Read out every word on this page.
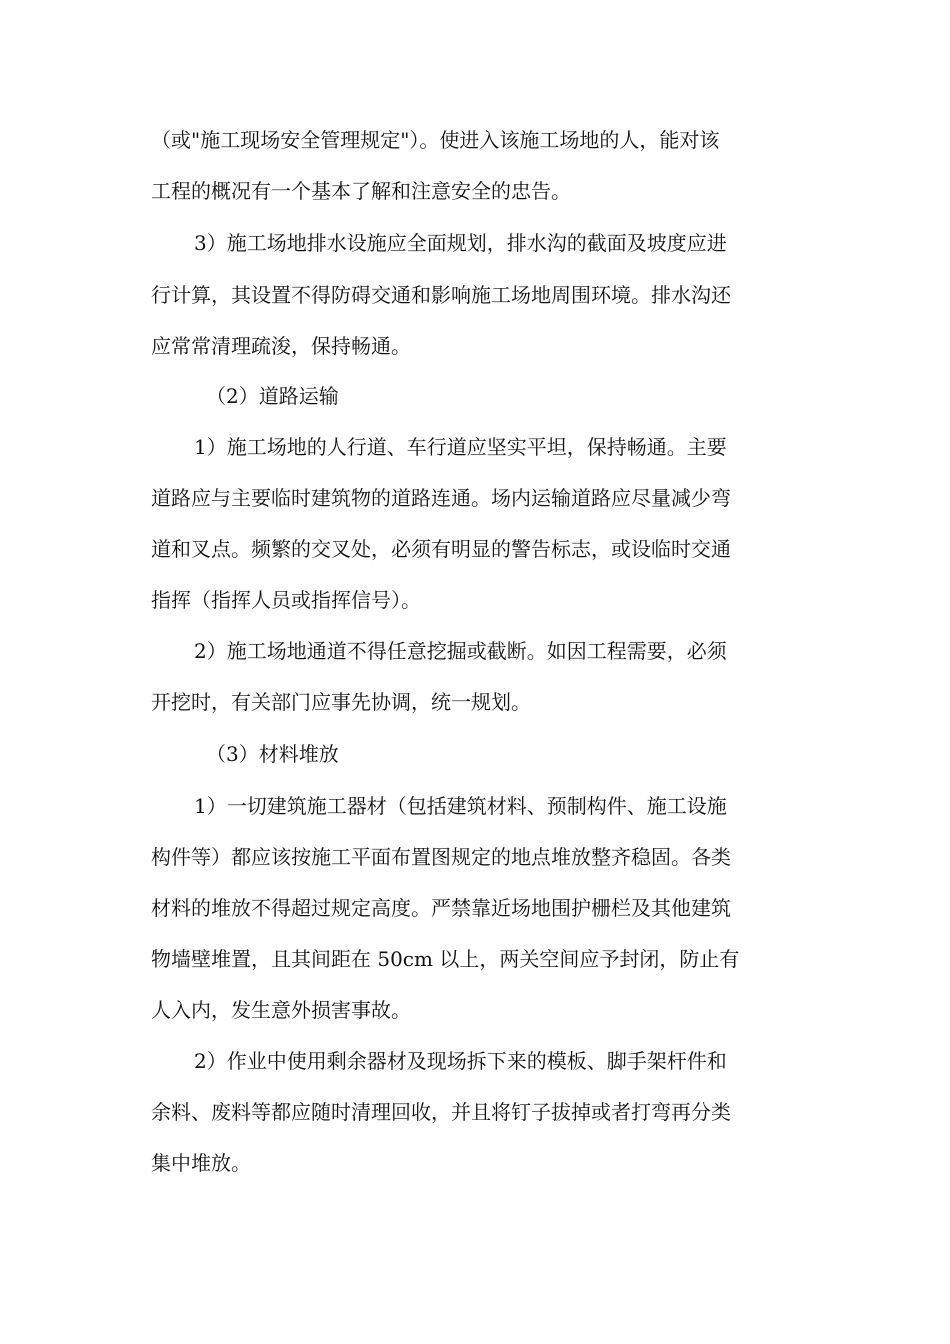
（或"施工现场安全管理规定"）。使进入该施工场地的人，能对该
工程的概况有一个基本了解和注意安全的忠告。
3）施工场地排水设施应全面规划，排水沟的截面及坡度应进
行计算，其设置不得防碍交通和影响施工场地周围环境。排水沟还
应常常清理疏浚，保持畅通。
（2）道路运输
1）施工场地的人行道、车行道应坚实平坦，保持畅通。主要
道路应与主要临时建筑物的道路连通。场内运输道路应尽量减少弯
道和叉点。频繁的交叉处，必须有明显的警告标志，或设临时交通
指挥（指挥人员或指挥信号）。
2）施工场地通道不得任意挖掘或截断。如因工程需要，必须
开挖时，有关部门应事先协调，统一规划。
（3）材料堆放
1）一切建筑施工器材（包括建筑材料、预制构件、施工设施
构件等）都应该按施工平面布置图规定的地点堆放整齐稳固。各类
材料的堆放不得超过规定高度。严禁靠近场地围护栅栏及其他建筑
物墙壁堆置，且其间距在 50cm 以上，两关空间应予封闭，防止有
人入内，发生意外损害事故。
2）作业中使用剩余器材及现场拆下来的模板、脚手架杆件和
余料、废料等都应随时清理回收，并且将钉子拔掉或者打弯再分类
集中堆放。
